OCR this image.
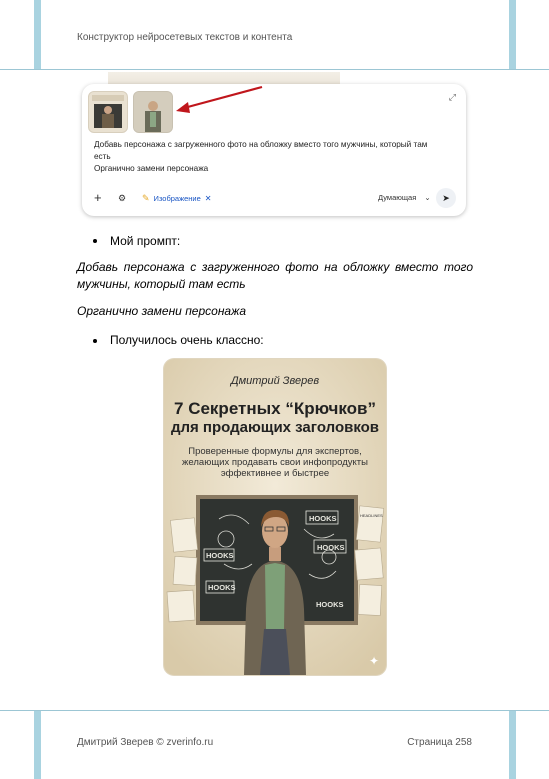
Конструктор нейросетевых текстов и контента
⤢
Добавь персонажа с загруженного фото на обложку вместо того мужчины, который там есть
Органично замени персонажа
+ ⚙ ✎ Изображение ✕	Думающая ⌄	➤
Мой промпт:
Добавь персонажа с загруженного фото на обложку вместо того мужчины, который там есть
Органично замени персонажа
Получилось очень классно:
Дмитрий Зверев
7 Секретных “Крючков”
для продающих заголовков
Проверенные формулы для экспертов,
желающих продавать свои инфопродукты
эффективнее и быстрее
HOOKS
HOOKS
HOOKS
HOOKS
HOOKS
HEADLINES
✦
Дмитрий Зверев © zverinfo.ru	Страница 258
